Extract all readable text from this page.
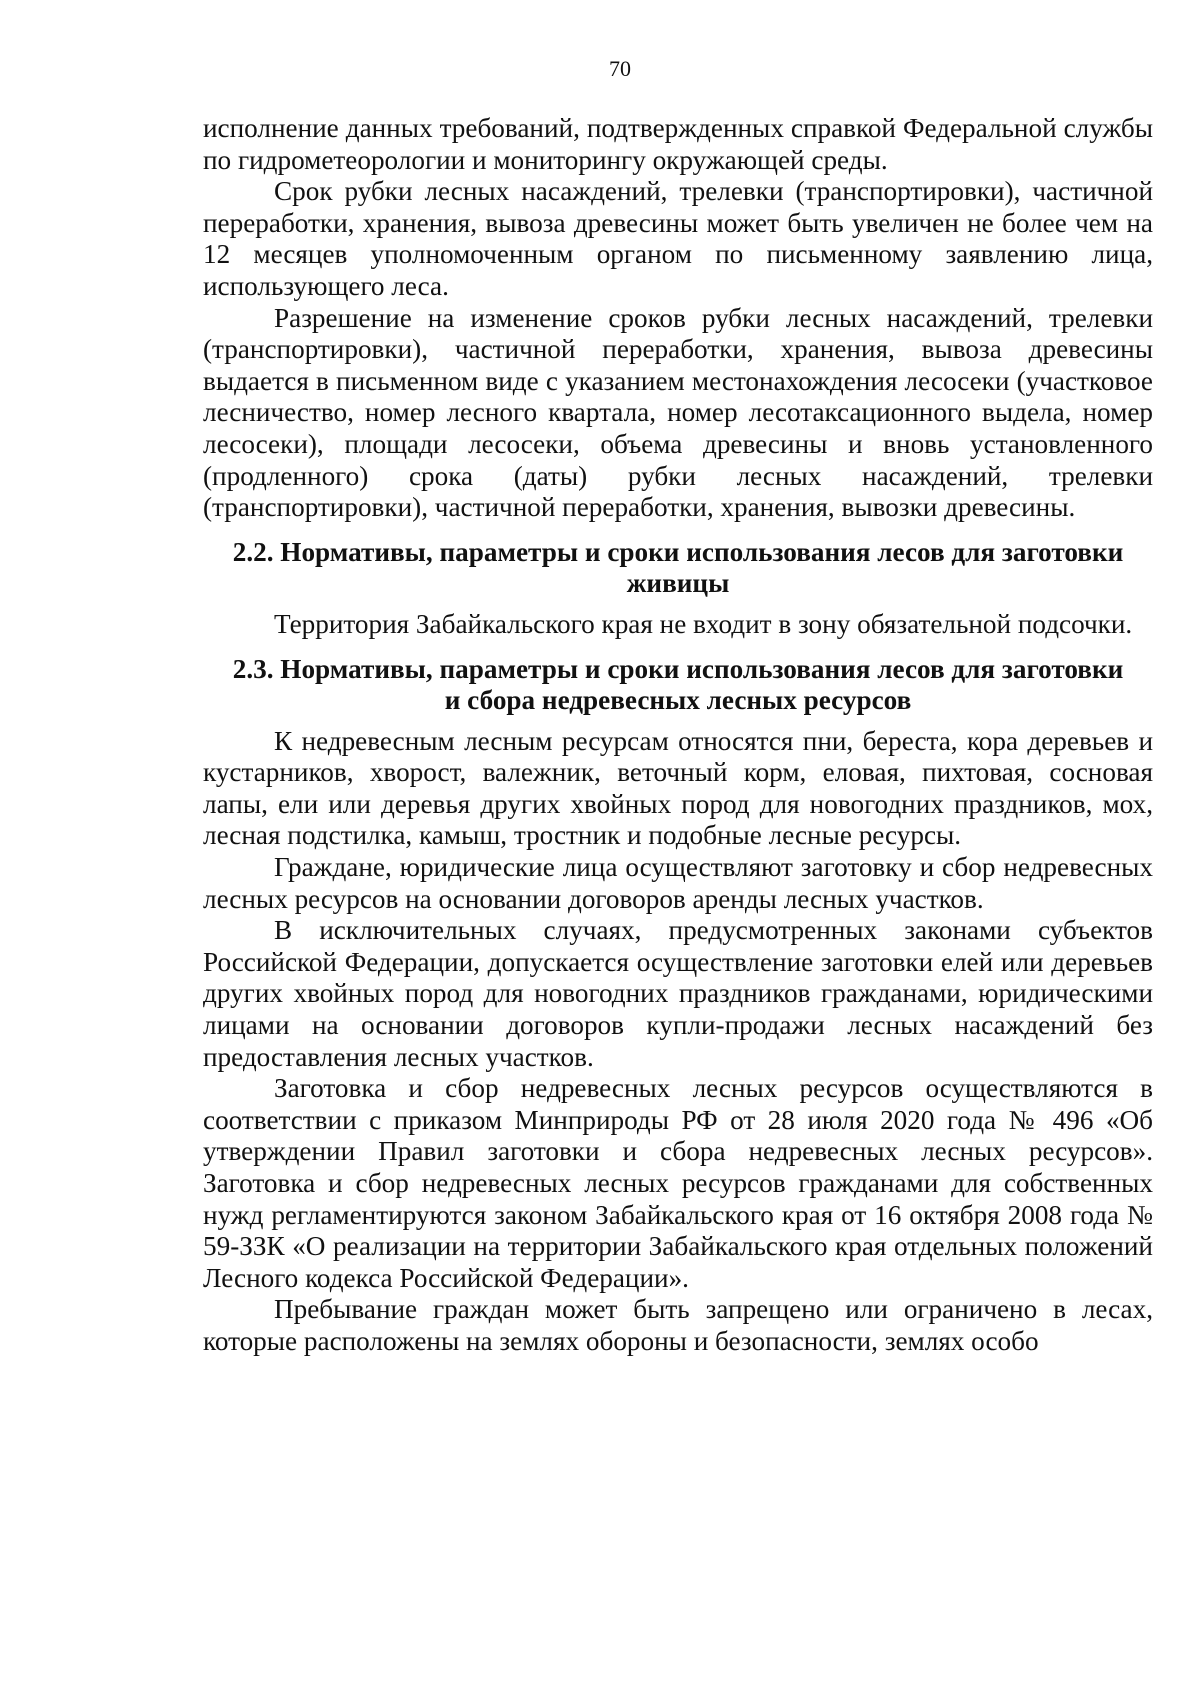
70

исполнение данных требований, подтвержденных справкой Федеральной службы по гидрометеорологии и мониторингу окружающей среды.

Срок рубки лесных насаждений, трелевки (транспортировки), частичной переработки, хранения, вывоза древесины может быть увеличен не более чем на 12 месяцев уполномоченным органом по письменному заявлению лица, использующего леса.

Разрешение на изменение сроков рубки лесных насаждений, трелевки (транспортировки), частичной переработки, хранения, вывоза древесины выдается в письменном виде с указанием местонахождения лесосеки (участковое лесничество, номер лесного квартала, номер лесотаксационного выдела, номер лесосеки), площади лесосеки, объема древесины и вновь установленного (продленного) срока (даты) рубки лесных насаждений, трелевки (транспортировки), частичной переработки, хранения, вывозки древесины.

2.2. Нормативы, параметры и сроки использования лесов для заготовки
живицы

Территория Забайкальского края не входит в зону обязательной подсочки.

2.3. Нормативы, параметры и сроки использования лесов для заготовки
и сбора недревесных лесных ресурсов

К недревесным лесным ресурсам относятся пни, береста, кора деревьев и кустарников, хворост, валежник, веточный корм, еловая, пихтовая, сосновая лапы, ели или деревья других хвойных пород для новогодних праздников, мох, лесная подстилка, камыш, тростник и подобные лесные ресурсы.

Граждане, юридические лица осуществляют заготовку и сбор недревесных лесных ресурсов на основании договоров аренды лесных участков.

В исключительных случаях, предусмотренных законами субъектов Российской Федерации, допускается осуществление заготовки елей или деревьев других хвойных пород для новогодних праздников гражданами, юридическими лицами на основании договоров купли-продажи лесных насаждений без предоставления лесных участков.

Заготовка и сбор недревесных лесных ресурсов осуществляются в соответствии с приказом Минприроды РФ от 28 июля 2020 года № 496 «Об утверждении Правил заготовки и сбора недревесных лесных ресурсов». Заготовка и сбор недревесных лесных ресурсов гражданами для собственных нужд регламентируются законом Забайкальского края от 16 октября 2008 года № 59-ЗЗК «О реализации на территории Забайкальского края отдельных положений Лесного кодекса Российской Федерации».

Пребывание граждан может быть запрещено или ограничено в лесах, которые расположены на землях обороны и безопасности, землях особо
